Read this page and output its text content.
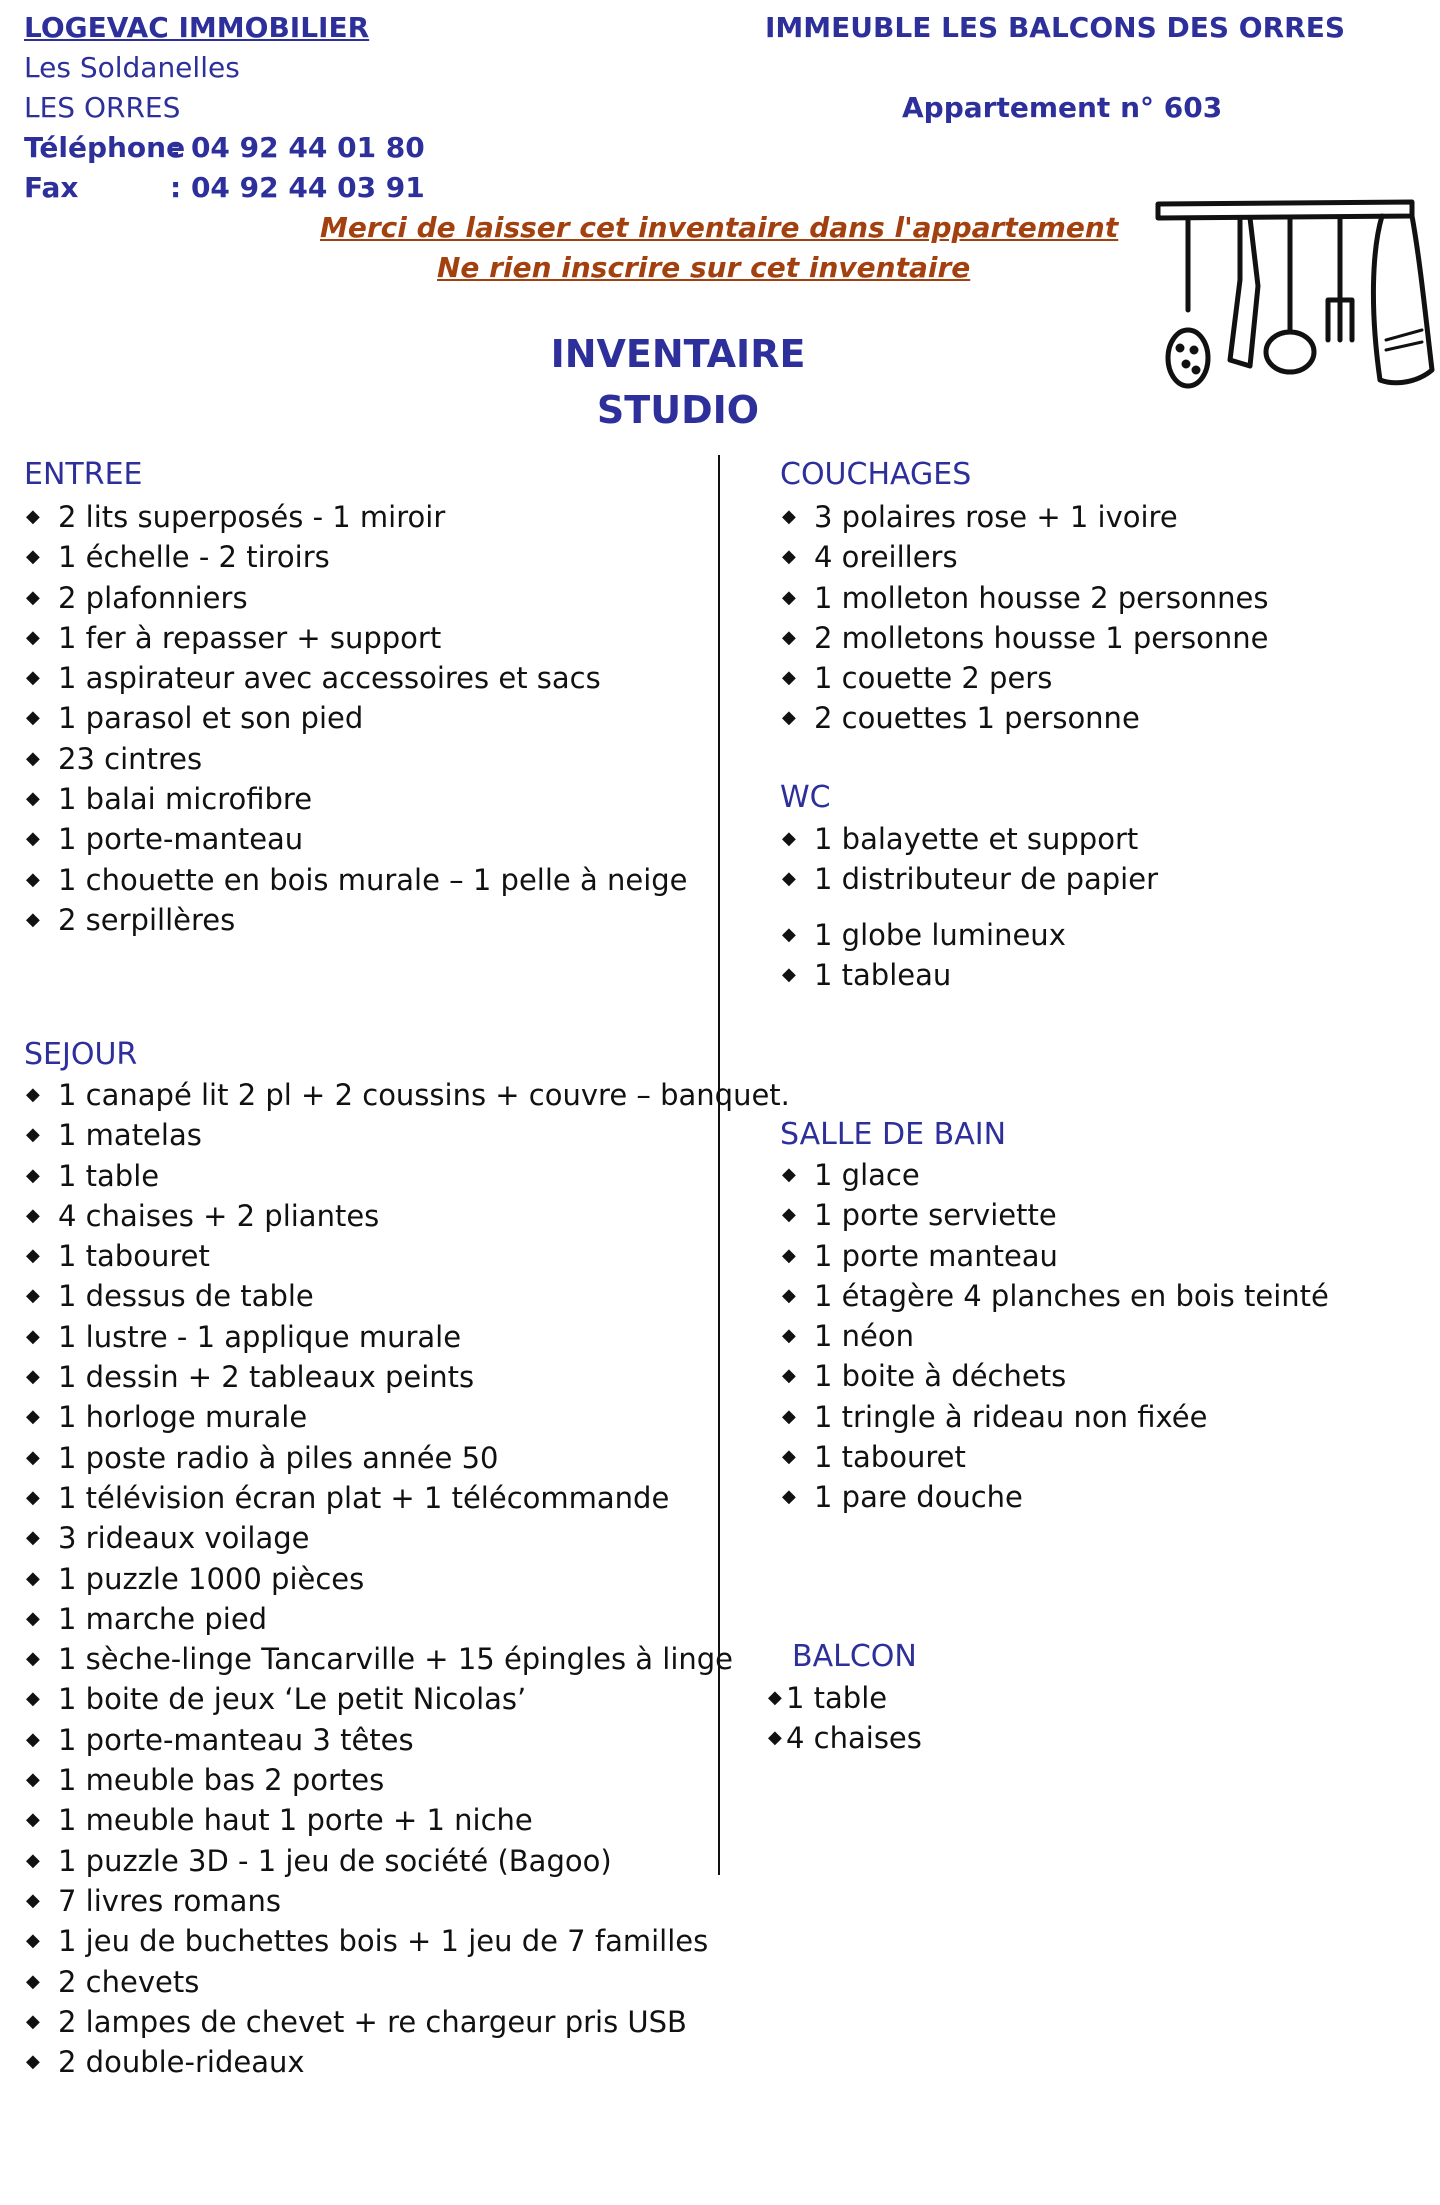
LOGEVAC IMMOBILIER
Les Soldanelles
LES ORRES
Téléphone
: 04 92 44 01 80
Fax	: 04 92 44 03 91
IMMEUBLE LES BALCONS DES ORRES
Appartement n° 603
Merci de laisser cet inventaire dans l'appartement
Ne rien inscrire sur cet inventaire
INVENTAIRE
STUDIO
ENTREE
◆ 2 lits superposés - 1 miroir
◆ 1 échelle - 2 tiroirs
◆ 2 plafonniers
◆ 1 fer à repasser + support
◆ 1 aspirateur avec accessoires et sacs
◆ 1 parasol et son pied
◆ 23 cintres
◆ 1 balai microfibre
◆ 1 porte-manteau
◆ 1 chouette en bois murale – 1 pelle à neige
◆ 2 serpillères
SEJOUR
◆ 1 canapé lit 2 pl + 2 coussins + couvre – banquet.
◆ 1 matelas
◆ 1 table
◆ 4 chaises + 2 pliantes
◆ 1 tabouret
◆ 1 dessus de table
◆ 1 lustre - 1 applique murale
◆ 1 dessin + 2 tableaux peints
◆ 1 horloge murale
◆ 1 poste radio à piles année 50
◆ 1 télévision écran plat + 1 télécommande
◆ 3 rideaux voilage
◆ 1 puzzle 1000 pièces
◆ 1 marche pied
◆ 1 sèche-linge Tancarville + 15 épingles à linge
◆ 1 boite de jeux ‘Le petit Nicolas’
◆ 1 porte-manteau 3 têtes
◆ 1 meuble bas 2 portes
◆ 1 meuble haut 1 porte + 1 niche
◆ 1 puzzle 3D - 1 jeu de société (Bagoo)
◆ 7 livres romans
◆ 1 jeu de buchettes bois + 1 jeu de 7 familles
◆ 2 chevets
◆ 2 lampes de chevet + re chargeur pris USB
◆ 2 double-rideaux
COUCHAGES
◆ 3 polaires rose + 1 ivoire
◆ 4 oreillers
◆ 1 molleton housse 2 personnes
◆ 2 molletons housse 1 personne
◆ 1 couette 2 pers
◆ 2 couettes 1 personne
WC
◆ 1 balayette et support
◆ 1 distributeur de papier
◆ 1 globe lumineux
◆ 1 tableau
SALLE DE BAIN
◆ 1 glace
◆ 1 porte serviette
◆ 1 porte manteau
◆ 1 étagère 4 planches en bois teinté
◆ 1 néon
◆ 1 boite à déchets
◆ 1 tringle à rideau non fixée
◆ 1 tabouret
◆ 1 pare douche
BALCON
◆ 1 table
◆ 4 chaises
